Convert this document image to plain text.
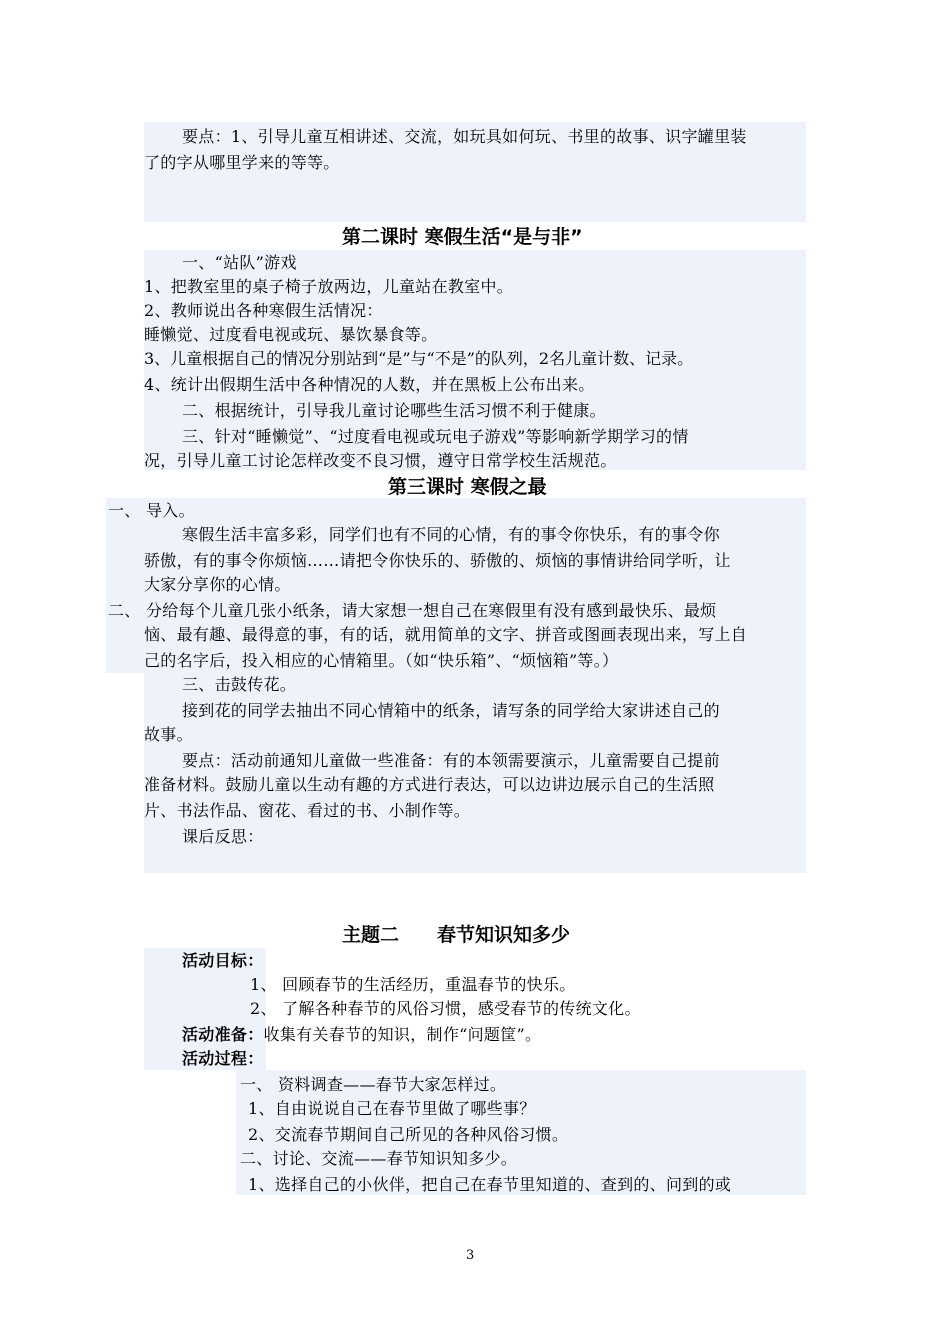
要点：1、引导儿童互相讲述、交流，如玩具如何玩、书里的故事、识字罐里装
了的字从哪里学来的等等。
第二课时 寒假生活“是与非”
一、“站队”游戏
1、把教室里的桌子椅子放两边，儿童站在教室中。
2、教师说出各种寒假生活情况：
睡懒觉、过度看电视或玩、暴饮暴食等。
3、儿童根据自己的情况分别站到“是”与“不是”的队列，2名儿童计数、记录。
4、统计出假期生活中各种情况的人数，并在黑板上公布出来。
二、根据统计，引导我儿童讨论哪些生活习惯不利于健康。
三、针对“睡懒觉”、“过度看电视或玩电子游戏”等影响新学期学习的情
况，引导儿童工讨论怎样改变不良习惯，遵守日常学校生活规范。
第三课时 寒假之最
一、 导入。
寒假生活丰富多彩，同学们也有不同的心情，有的事令你快乐，有的事令你
骄傲，有的事令你烦恼……请把令你快乐的、骄傲的、烦恼的事情讲给同学听，让
大家分享你的心情。
二、 分给每个儿童几张小纸条，请大家想一想自己在寒假里有没有感到最快乐、最烦
恼、最有趣、最得意的事，有的话，就用简单的文字、拼音或图画表现出来，写上自
己的名字后，投入相应的心情箱里。（如“快乐箱”、“烦恼箱”等。）
三、击鼓传花。
接到花的同学去抽出不同心情箱中的纸条，请写条的同学给大家讲述自己的
故事。
要点：活动前通知儿童做一些准备：有的本领需要演示，儿童需要自己提前
准备材料。鼓励儿童以生动有趣的方式进行表达，可以边讲边展示自己的生活照
片、书法作品、窗花、看过的书、小制作等。
课后反思：
主题二　　春节知识知多少
活动目标：
1、 回顾春节的生活经历，重温春节的快乐。
2、 了解各种春节的风俗习惯，感受春节的传统文化。
活动准备：收集有关春节的知识，制作“问题筐”。
活动过程：
一、 资料调查——春节大家怎样过。
1、自由说说自己在春节里做了哪些事？
2、交流春节期间自己所见的各种风俗习惯。
二、讨论、交流——春节知识知多少。
1、选择自己的小伙伴，把自己在春节里知道的、查到的、问到的或
3
